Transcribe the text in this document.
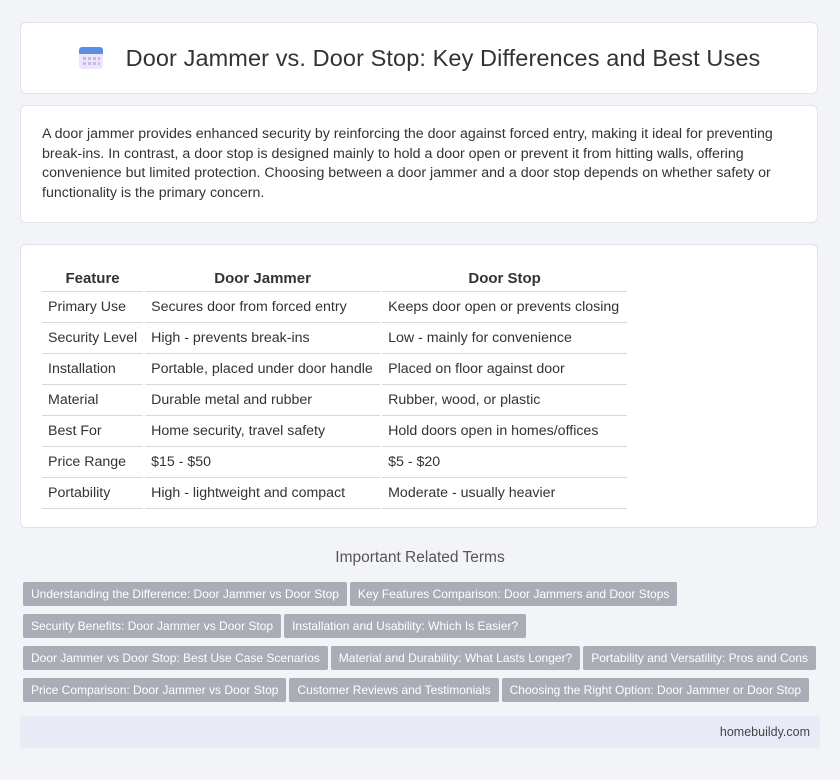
Door Jammer vs. Door Stop: Key Differences and Best Uses

A door jammer provides enhanced security by reinforcing the door against forced entry, making it ideal for preventing break-ins. In contrast, a door stop is designed mainly to hold a door open or prevent it from hitting walls, offering convenience but limited protection. Choosing between a door jammer and a door stop depends on whether safety or functionality is the primary concern.

Feature		Door Jammer		Door Stop
Primary Use		Secures door from forced entry		Keeps door open or prevents closing
Security Level		High - prevents break-ins		Low - mainly for convenience
Installation		Portable, placed under door handle		Placed on floor against door
Material		Durable metal and rubber		Rubber, wood, or plastic
Best For		Home security, travel safety		Hold doors open in homes/offices
Price Range		$15 - $50		$5 - $20
Portability		High - lightweight and compact		Moderate - usually heavier
Important Related Terms
Understanding the Difference: Door Jammer vs Door Stop Key Features Comparison: Door Jammers and Door StopsSecurity Benefits: Door Jammer vs Door Stop Installation and Usability: Which Is Easier?Door Jammer vs Door Stop: Best Use Case Scenarios Material and Durability: What Lasts Longer? Portability and Versatility: Pros and ConsPrice Comparison: Door Jammer vs Door Stop Customer Reviews and Testimonials Choosing the Right Option: Door Jammer or Door Stop
homebuildy.com
